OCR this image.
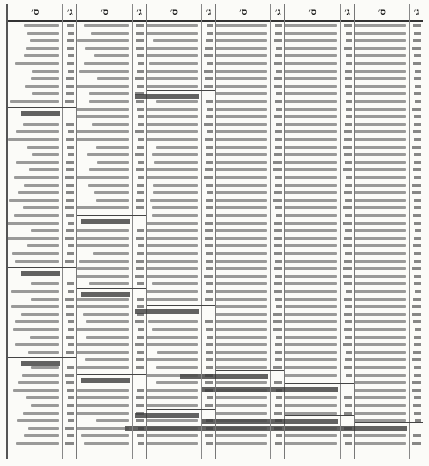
ג׳
ס׳
ג׳
ס׳
ג׳
ס׳
ג׳
ס׳
ג׳
ס׳
ג׳
ס׳
